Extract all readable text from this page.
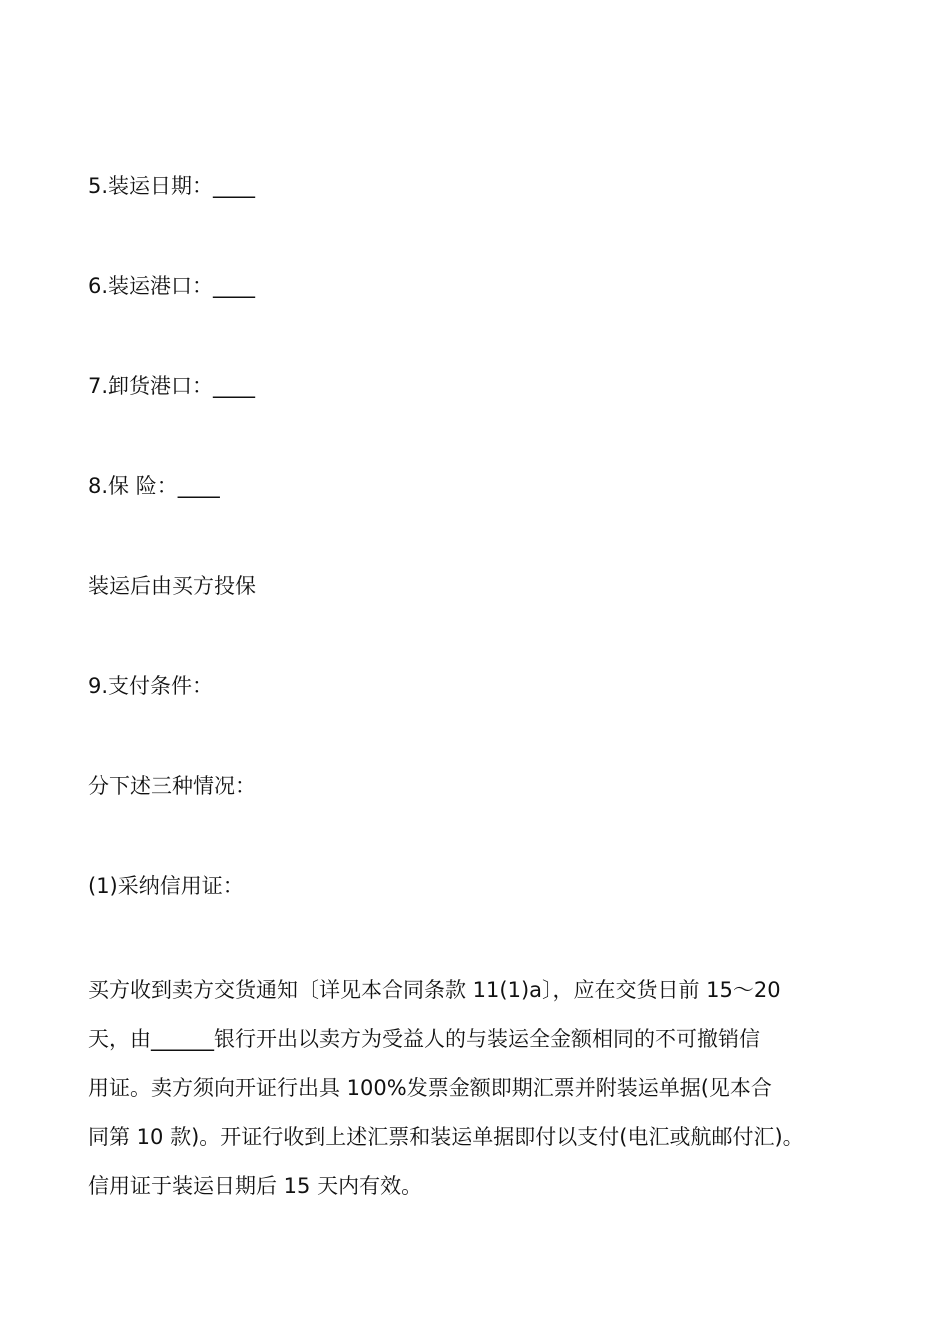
5.装运日期：____

6.装运港口：____

7.卸货港口：____

8.保 险：____

装运后由买方投保

9.支付条件：

分下述三种情况：

(1)采纳信用证：

买方收到卖方交货通知〔详见本合同条款 11(1)a〕，应在交货日前 15～20
天，由______银行开出以卖方为受益人的与装运全金额相同的不可撤销信
用证。卖方须向开证行出具 100%发票金额即期汇票并附装运单据(见本合
同第 10 款)。开证行收到上述汇票和装运单据即付以支付(电汇或航邮付汇)。
信用证于装运日期后 15 天内有效。
